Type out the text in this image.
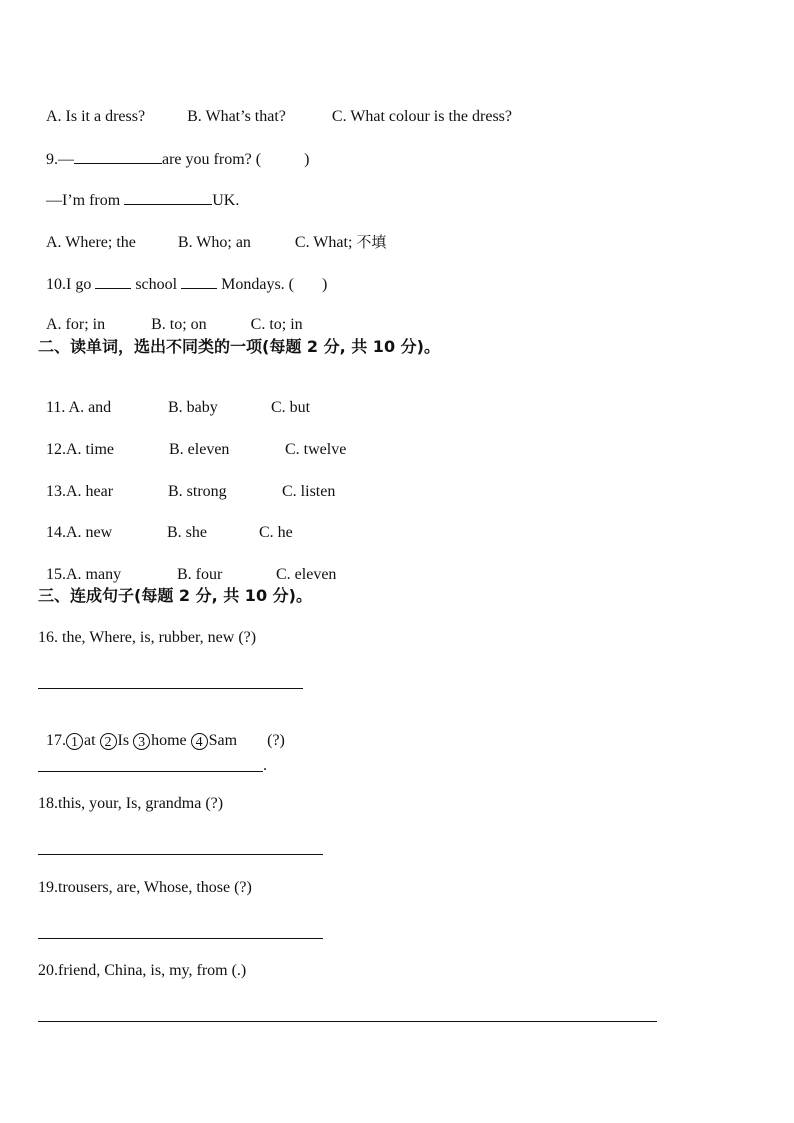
A. Is it a dress?	B. What’s that?	C. What colour is the dress?

9.—	are you from? (	)

—I’m from	UK.

A. Where; the	B. Who; an	C. What; 不填

10.I go	school	Mondays. ( )

A. for; in	B. to; on	C. to; in

二、读单词，选出不同类的一项(每题 2 分, 共 10 分)。

11. A. and	B. baby	C. but

12.A. time	B. eleven	C. twelve

13.A. hear	B. strong	C. listen

14.A. new	B. she	C. he

15.A. many	B. four	C. eleven

三、连成句子(每题 2 分, 共 10 分)。
16. the, Where, is, rubber, new (?)

17. 1 at 2 Is 3 home 4 Sam (?)

.
18.this, your, Is, grandma (?)
19.trousers, are, Whose, those (?)
20.friend, China, is, my, from (.)
